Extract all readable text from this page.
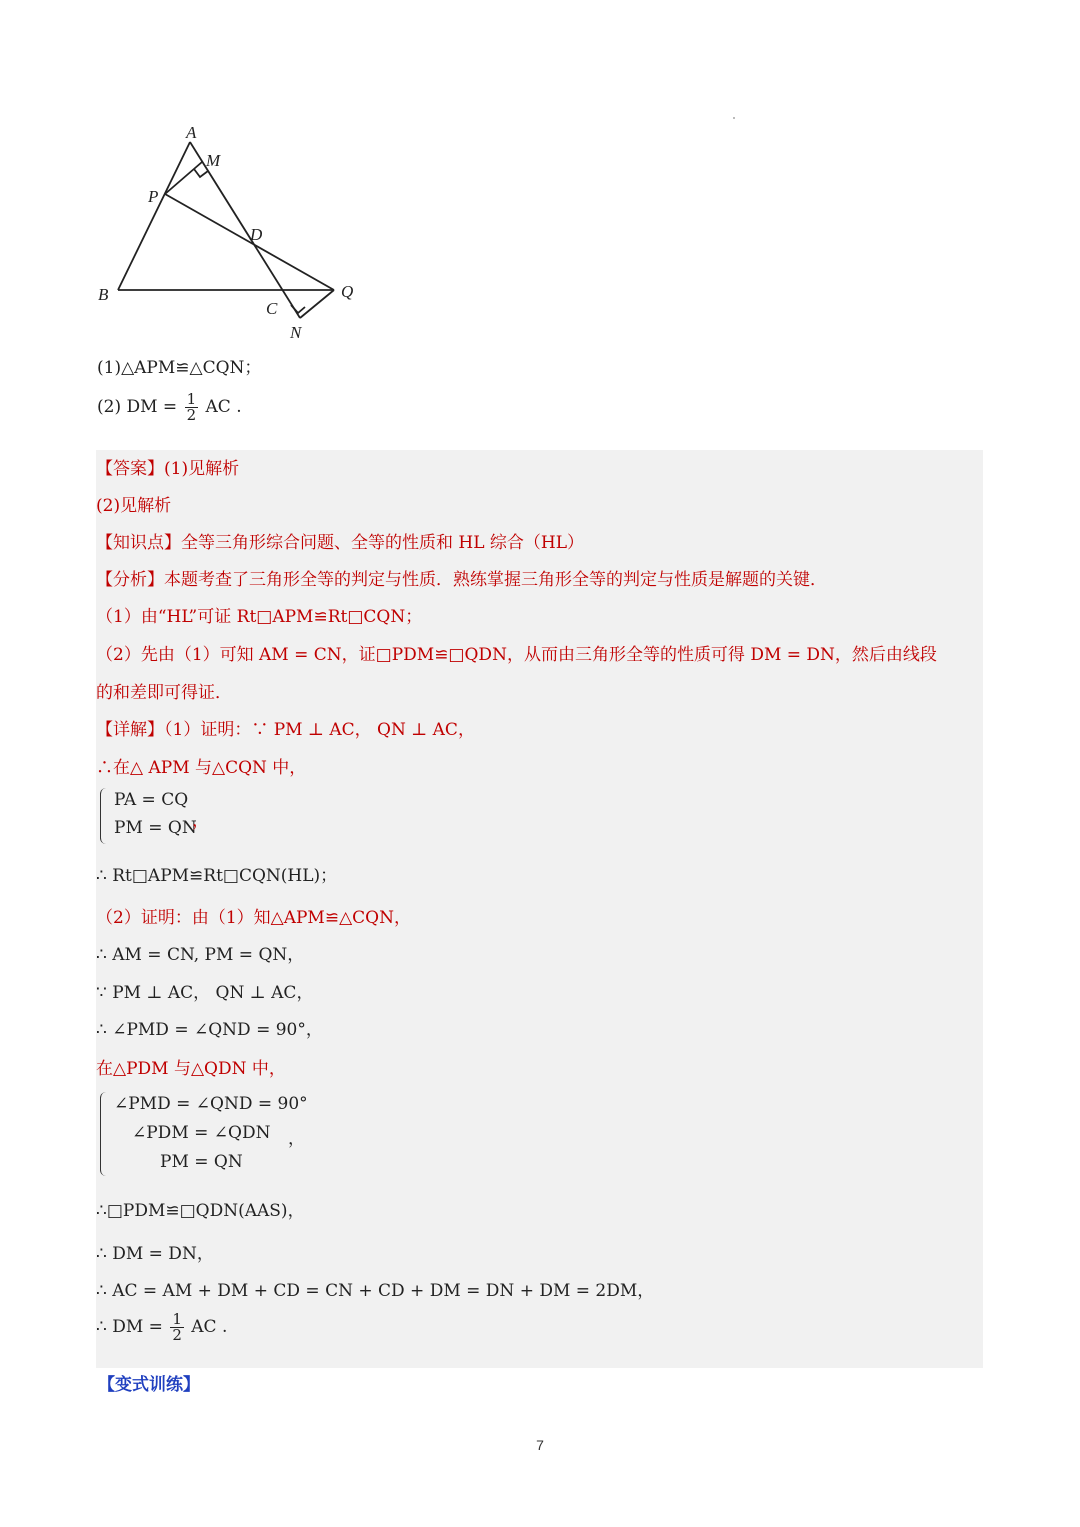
A
M
P
D
B
C
Q
N
(1)△APM≌△CQN；
(2) DM = $\frac{1}{2}$ AC .
【答案】(1)见解析
(2)见解析
【知识点】全等三角形综合问题、全等的性质和 HL 综合（HL）
【分析】本题考查了三角形全等的判定与性质．熟练掌握三角形全等的判定与性质是解题的关键．
（1）由“HL”可证 Rt□APM≌Rt□CQN；
（2）先由（1）可知 AM = CN，证□PDM≌□QDN，从而由三角形全等的性质可得 DM = DN，然后由线段
的和差即可得证．
【详解】（1）证明：∵ PM ⊥ AC， QN ⊥ AC，
∴在△ APM 与△CQN 中，
PA = CQ
PM = QN
，
∴ Rt□APM≌Rt□CQN(HL)；
（2）证明：由（1）知△APM≌△CQN，
∴ AM = CN, PM = QN，
∵ PM ⊥ AC， QN ⊥ AC，
∴ ∠PMD = ∠QND = 90°，
在△PDM 与△QDN 中，
∠PMD = ∠QND = 90°
∠PDM = ∠QDN
PM = QN
，
∴□PDM≌□QDN(AAS)，
∴ DM = DN，
∴ AC = AM + DM + CD = CN + CD + DM = DN + DM = 2DM，
∴ DM = $\frac{1}{2}$ AC .
【变式训练】
7
